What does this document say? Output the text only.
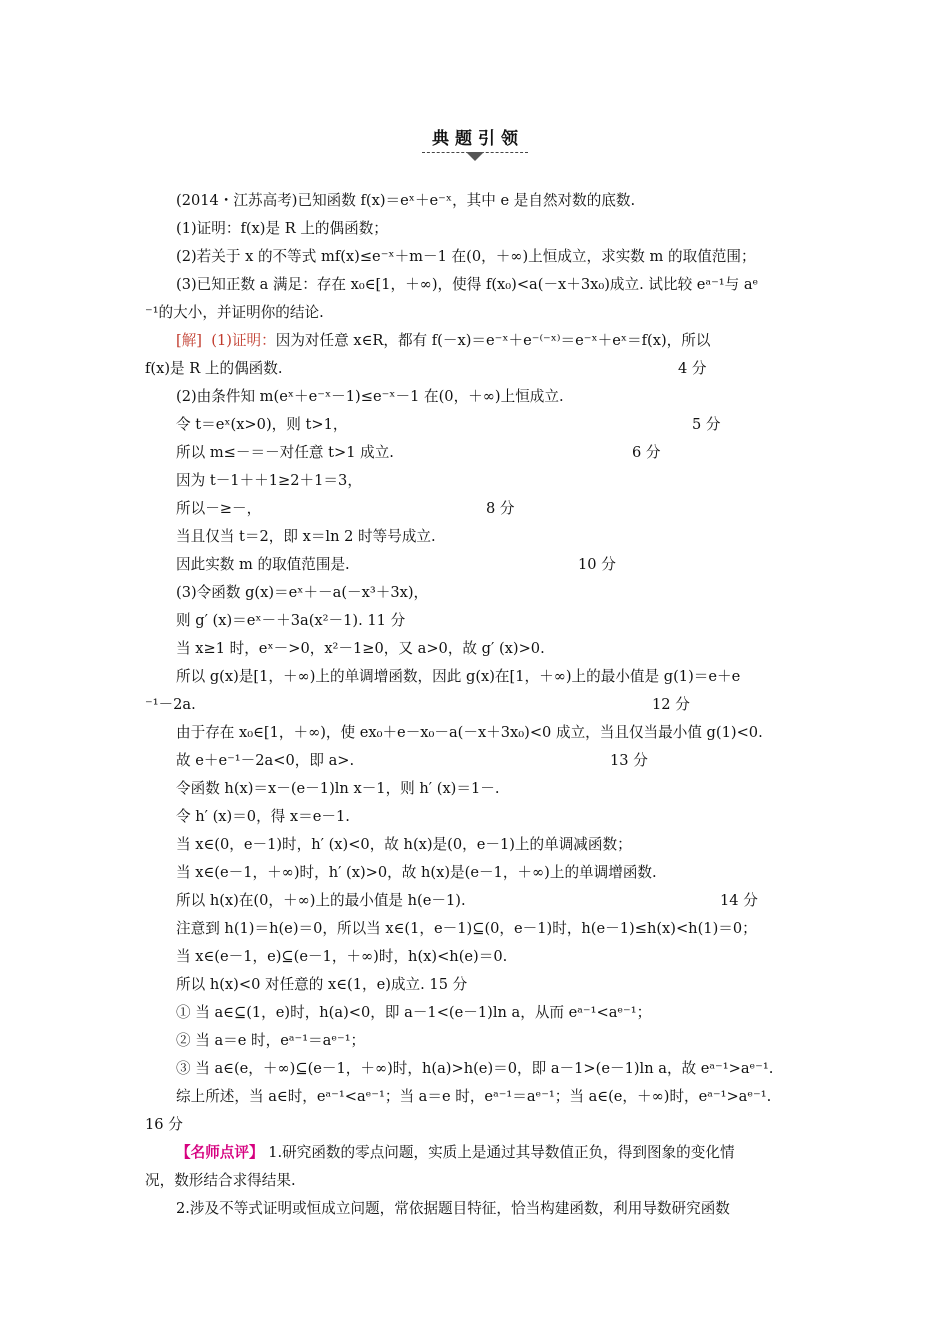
典题引领
(2014・江苏高考)已知函数 f(x)＝eˣ＋e⁻ˣ，其中 e 是自然对数的底数.
(1)证明：f(x)是 R 上的偶函数；
(2)若关于 x 的不等式 mf(x)≤e⁻ˣ＋m－1 在(0，＋∞)上恒成立，求实数 m 的取值范围；
(3)已知正数 a 满足：存在 x₀∈[1，＋∞)，使得 f(x₀)<a(－x＋3x₀)成立. 试比较 eᵃ⁻¹与 aᵉ
⁻¹的大小，并证明你的结论.
[解] (1)证明：因为对任意 x∈R，都有 f(－x)＝e⁻ˣ＋e⁻⁽⁻ˣ⁾＝e⁻ˣ＋eˣ＝f(x)，所以
f(x)是 R 上的偶函数.	4 分
(2)由条件知 m(eˣ＋e⁻ˣ－1)≤e⁻ˣ－1 在(0，＋∞)上恒成立.
令 t＝eˣ(x>0)，则 t>1，	5 分
所以 m≤－＝－对任意 t>1 成立.	6 分
因为 t－1＋＋1≥2＋1＝3，
所以－≥－，	8 分
当且仅当 t＝2，即 x＝ln 2 时等号成立.
因此实数 m 的取值范围是.	10 分
(3)令函数 g(x)＝eˣ＋－a(－x³＋3x)，
则 g′ (x)＝eˣ－＋3a(x²－1). 11 分
当 x≥1 时，eˣ－>0，x²－1≥0，又 a>0，故 g′ (x)>0.
所以 g(x)是[1，＋∞)上的单调增函数，因此 g(x)在[1，＋∞)上的最小值是 g(1)＝e＋e
⁻¹－2a.	12 分
由于存在 x₀∈[1，＋∞)，使 ex₀＋e－x₀－a(－x＋3x₀)<0 成立，当且仅当最小值 g(1)<0.
故 e＋e⁻¹－2a<0，即 a>.	13 分
令函数 h(x)＝x－(e－1)ln x－1，则 h′ (x)＝1－.
令 h′ (x)＝0，得 x＝e－1.
当 x∈(0，e－1)时，h′ (x)<0，故 h(x)是(0，e－1)上的单调减函数；
当 x∈(e－1，＋∞)时，h′ (x)>0，故 h(x)是(e－1，＋∞)上的单调增函数.
所以 h(x)在(0，＋∞)上的最小值是 h(e－1).	14 分
注意到 h(1)＝h(e)＝0，所以当 x∈(1，e－1)⊆(0，e－1)时，h(e－1)≤h(x)<h(1)＝0；
当 x∈(e－1，e)⊆(e－1，＋∞)时，h(x)<h(e)＝0.
所以 h(x)<0 对任意的 x∈(1，e)成立. 15 分
① 当 a∈⊆(1，e)时，h(a)<0，即 a－1<(e－1)ln a，从而 eᵃ⁻¹<aᵉ⁻¹；
② 当 a＝e 时，eᵃ⁻¹＝aᵉ⁻¹；
③ 当 a∈(e，＋∞)⊆(e－1，＋∞)时，h(a)>h(e)＝0，即 a－1>(e－1)ln a，故 eᵃ⁻¹>aᵉ⁻¹.
综上所述，当 a∈时，eᵃ⁻¹<aᵉ⁻¹；当 a＝e 时，eᵃ⁻¹＝aᵉ⁻¹；当 a∈(e，＋∞)时，eᵃ⁻¹>aᵉ⁻¹.
16 分
【名师点评】 1.研究函数的零点问题，实质上是通过其导数值正负，得到图象的变化情
况，数形结合求得结果.
2.涉及不等式证明或恒成立问题，常依据题目特征，恰当构建函数，利用导数研究函数
